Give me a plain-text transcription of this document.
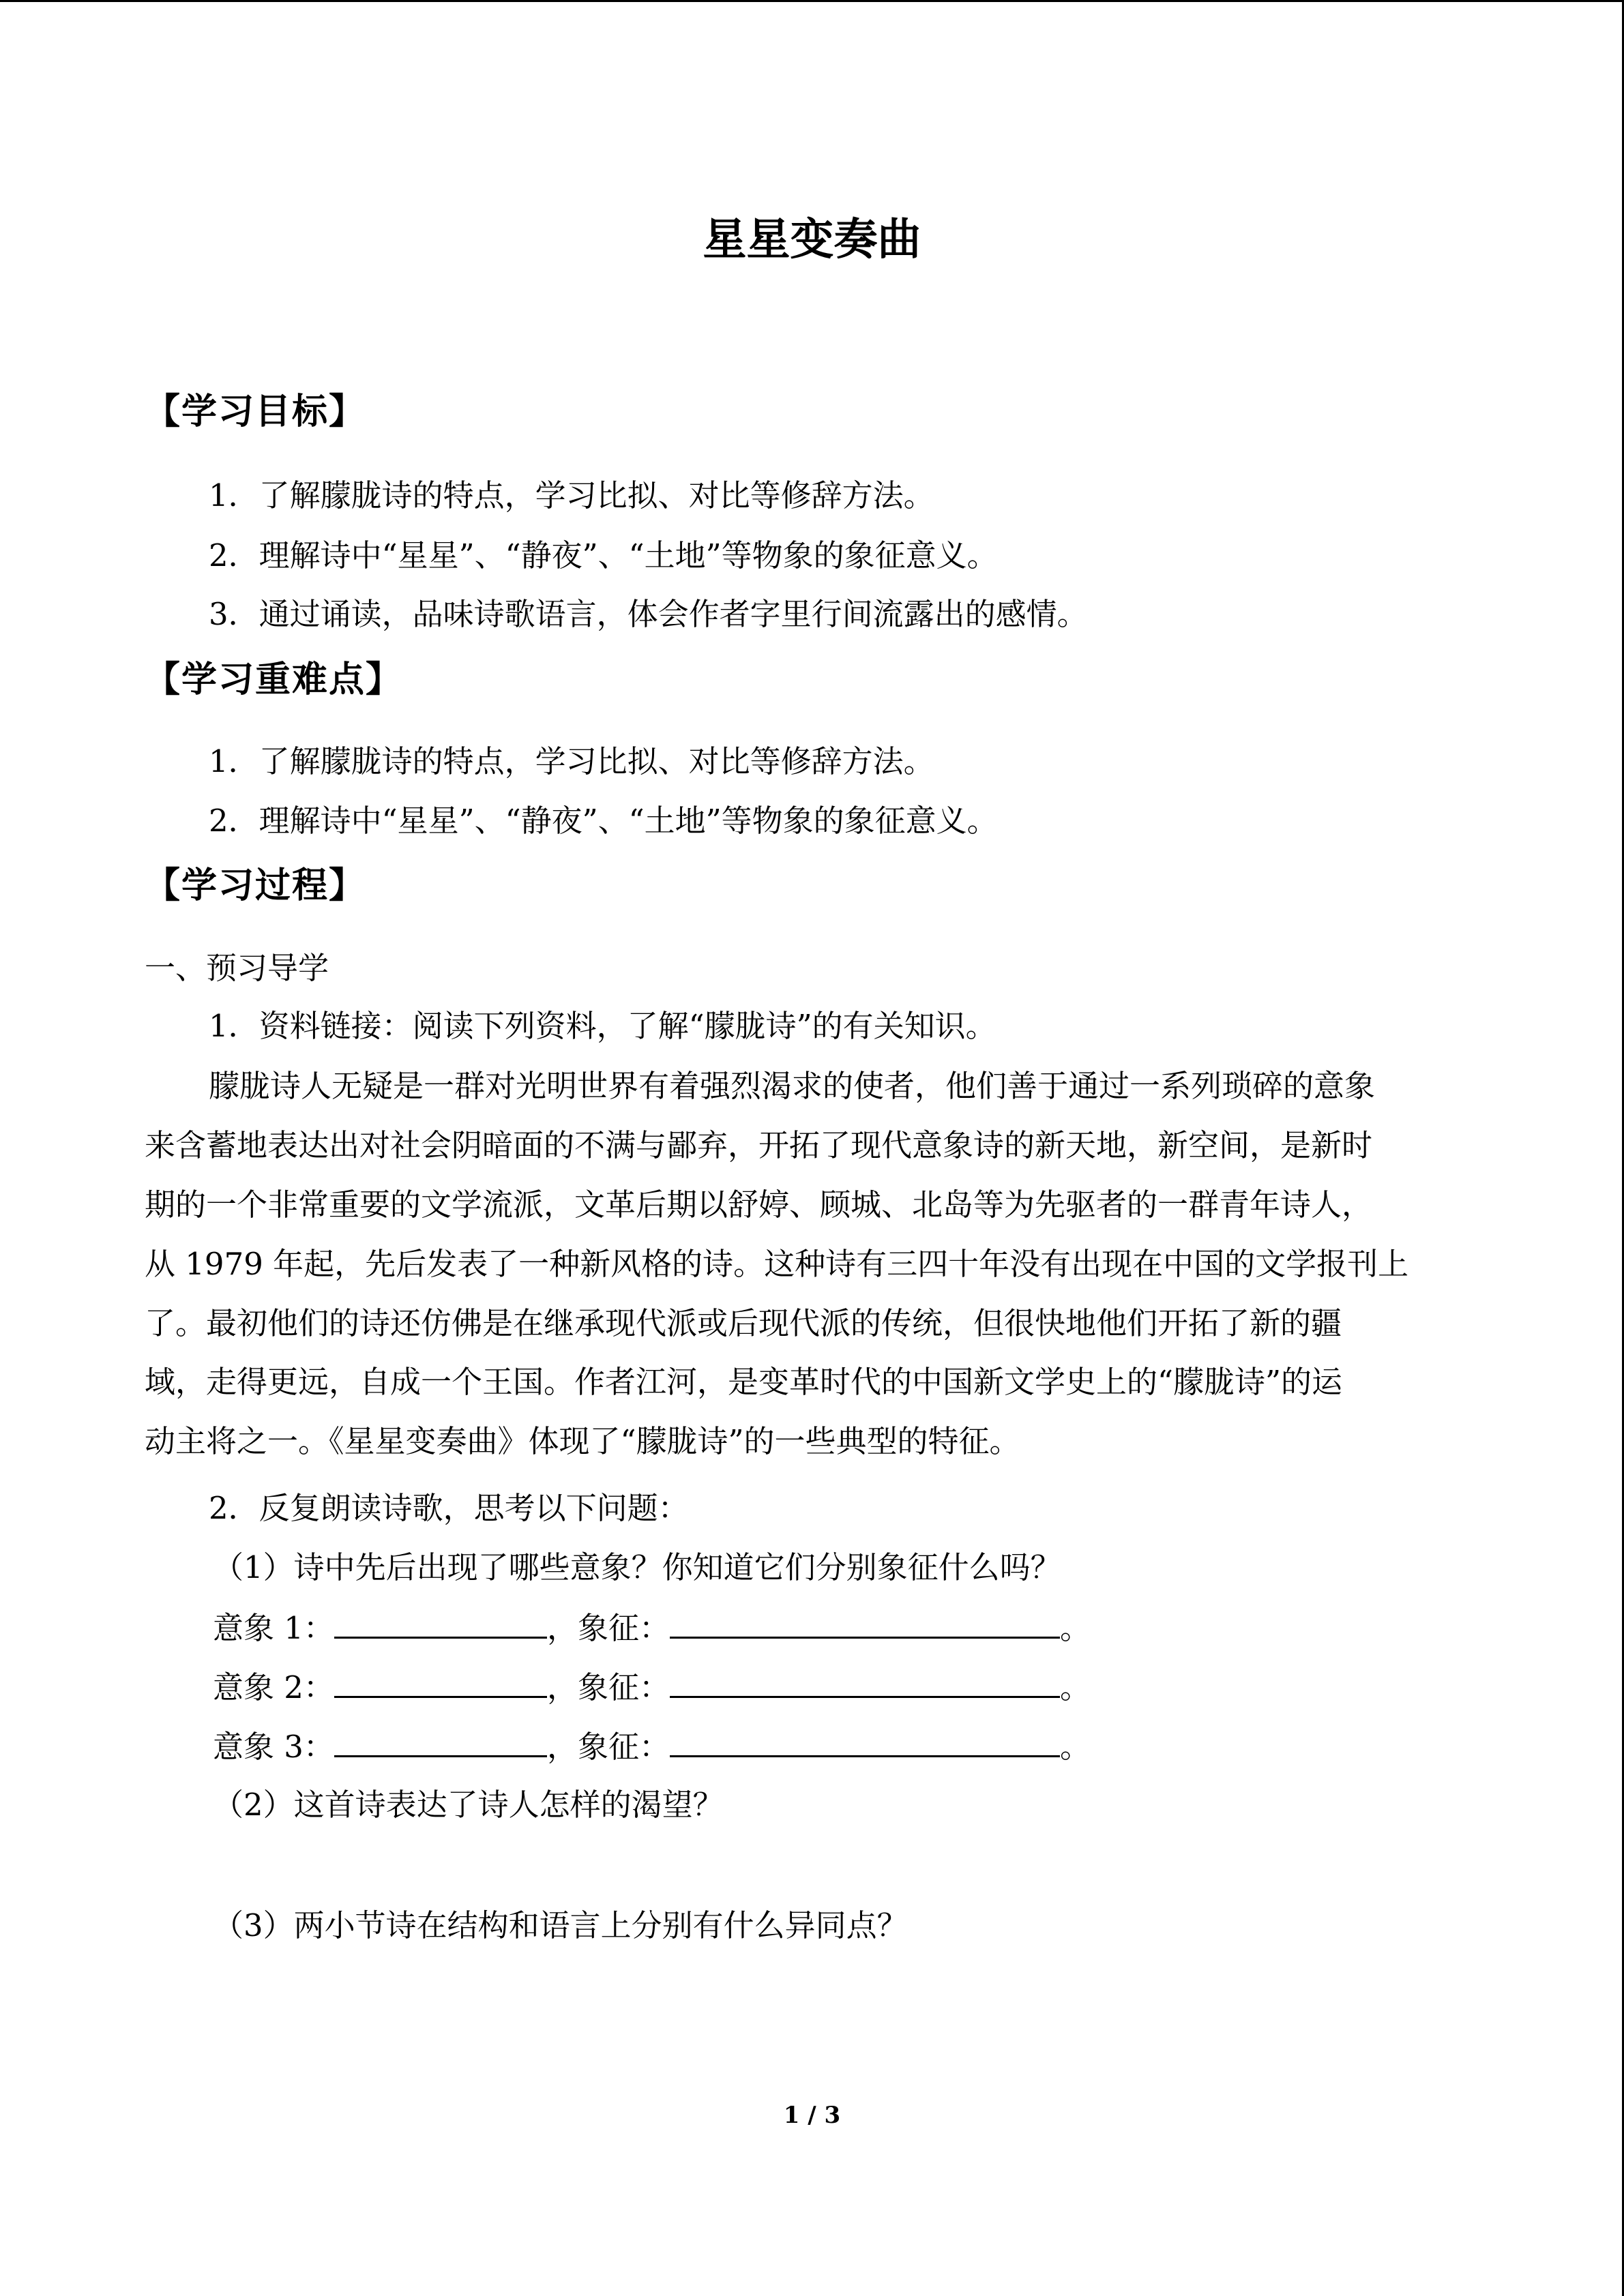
星星变奏曲
【学习目标】

1．了解朦胧诗的特点，学习比拟、对比等修辞方法。

2．理解诗中“星星”、“静夜”、“土地”等物象的象征意义。

3．通过诵读，品味诗歌语言，体会作者字里行间流露出的感情。

【学习重难点】

1．了解朦胧诗的特点，学习比拟、对比等修辞方法。

2．理解诗中“星星”、“静夜”、“土地”等物象的象征意义。

【学习过程】

一、预习导学

1．资料链接：阅读下列资料，了解“朦胧诗”的有关知识。

朦胧诗人无疑是一群对光明世界有着强烈渴求的使者，他们善于通过一系列琐碎的意象

来含蓄地表达出对社会阴暗面的不满与鄙弃，开拓了现代意象诗的新天地，新空间，是新时

期的一个非常重要的文学流派，文革后期以舒婷、顾城、北岛等为先驱者的一群青年诗人，

从 1979 年起，先后发表了一种新风格的诗。这种诗有三四十年没有出现在中国的文学报刊上

了。最初他们的诗还仿佛是在继承现代派或后现代派的传统，但很快地他们开拓了新的疆

域，走得更远，自成一个王国。作者江河，是变革时代的中国新文学史上的“朦胧诗”的运

动主将之一。《星星变奏曲》体现了“朦胧诗”的一些典型的特征。

2．反复朗读诗歌，思考以下问题：

（1）诗中先后出现了哪些意象？你知道它们分别象征什么吗？

意象 1：	，象征：	。

意象 2：	，象征：	。

意象 3：	，象征：	。

（2）这首诗表达了诗人怎样的渴望？

（3）两小节诗在结构和语言上分别有什么异同点？

1 / 3
